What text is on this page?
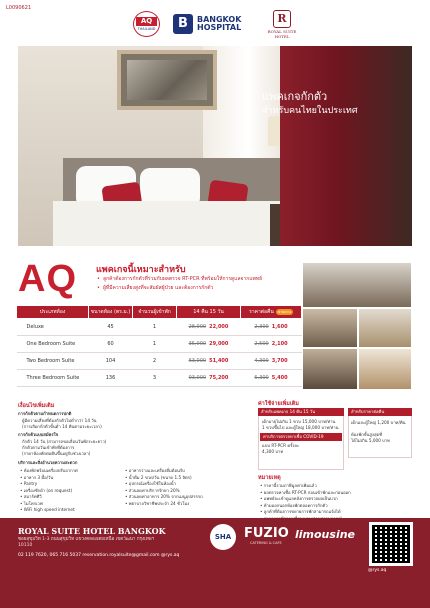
L0090621
AQ
THAILAND	B	BANGKOK
HOSPITAL
R
ROYAL SUITE
HOTEL
แพคเกจกักตัว
สำหรับคนไทยในประเทศ
AQ แพคเกจนี้เหมาะสำหรับ
• ลูกค้าต้องการกักตัวที่ร่วมกับผลตรวจ RT-PCR ที่พร้อมให้การดูแลจากแพทย์
• ผู้ที่มีความเสี่ยงสูงที่จะสัมผัสผู้ป่วย และต้องการกักตัว
ประเภทห้อง	ขนาดห้อง (ตร.ม.)	จำนวนผู้เข้าพัก	14 คืน 15 วัน	ราคาต่อคืน ขายด่วน
Deluxe	45	1	28,000 22,000	2,300 1,600
One Bedroom Suite	60	1	35,000 29,000	2,500 2,100
Two Bedroom Suite	104	2	63,000 51,400	4,300 3,700
Three Bedroom Suite	136	3	93,000 75,200	6,300 5,400
เงื่อนไขเพิ่มเติม
การกักตัวตามกำหนดการปกติ
ผู้มีความเสี่ยงที่ต้องกักตัวไม่ต่ำกว่า 14 วัน
(การเลือกกักตัวขั้นต่ำ 14 คืนตามระยะเวลา)
การกักตัวแบบสมัครใจ
กักตัว 14 วัน (สามารถขอเลื่อนวันพักระยะยาว)
กักตัวตามวันเข้าพักที่ต้องการ
(ราคาห้องพักต่อคืนขึ้นอยู่กับช่วงเวลา)
บริการและสิ่งอำนวยความสะดวก
• ห้องพักพร้อมเครื่องปรับอากาศ
• อาหาร 3 มื้อ/วัน
• Pantry
• เครื่องซักผ้า (on request)
• สมาร์ททีวี
• ไมโครเวฟ
• WiFi high speed internet
• อาหารว่างและเครื่องดื่มต้อนรับ
• น้ำดื่ม 2 ขวด/วัน (ขนาด 1.5 ลิตร)
• อุปกรณ์เครื่องใช้ในห้องน้ำ
• ส่วนลดค่าบริการรักษา 20%
• ส่วนลดค่าอาหาร 20% จากเมนูอุปสรรรถ
• พยาบาลวิชาชีพประจำ 24 ชั่วโมง
ค่าใช้จ่ายเพิ่มเติม
สำหรับแพคเกจ 14 คืน 15 วัน
เด็กอายุไม่เกิน 1 ขวบ 15,000 บาท/ท่าน
1 ขวบขึ้นไป และผู้ใหญ่ 18,000 บาท/ท่าน
ค่าบริการตรวจหาเชื้อ COVID-19
แบบ RT-PCR ครั้งละ
4,300 บาท
สำหรับราคาต่อคืน
เด็กและผู้ใหญ่ 1,200 บาท/คืน
ห้องพักขั้นสูงสุดที่
ได้ไม่เกิน 5,000 บาท
หมายเหตุ
• ราคานี้รวมภาษีมูลค่าเพิ่มแล้ว
• ผลตรวจหาเชื้อ RT-PCR ก่อนเข้าพักและก่อนออก
• แพทย์จะเข้าดูแลหลังการตรวจผลเป็นบวก
• ห้ามออกนอกห้องพักตลอดการกักตัว
• ลูกค้าที่ต้องการขยายการพักสามารถแจ้งได้
ROYAL SUITE HOTEL BANGKOK
ซอยสุขุมวิท 1-3 ถนนสุขุมวิท แขวงคลองเตยเหนือ เขตวัฒนา กรุงเทพฯ 10110
02 119 7620, 065 716 5037 reservation.royalsuite@gmail.com @rys.aq
SHA FUZIO
CATERING & CAFE
limousine
@rys.aq
